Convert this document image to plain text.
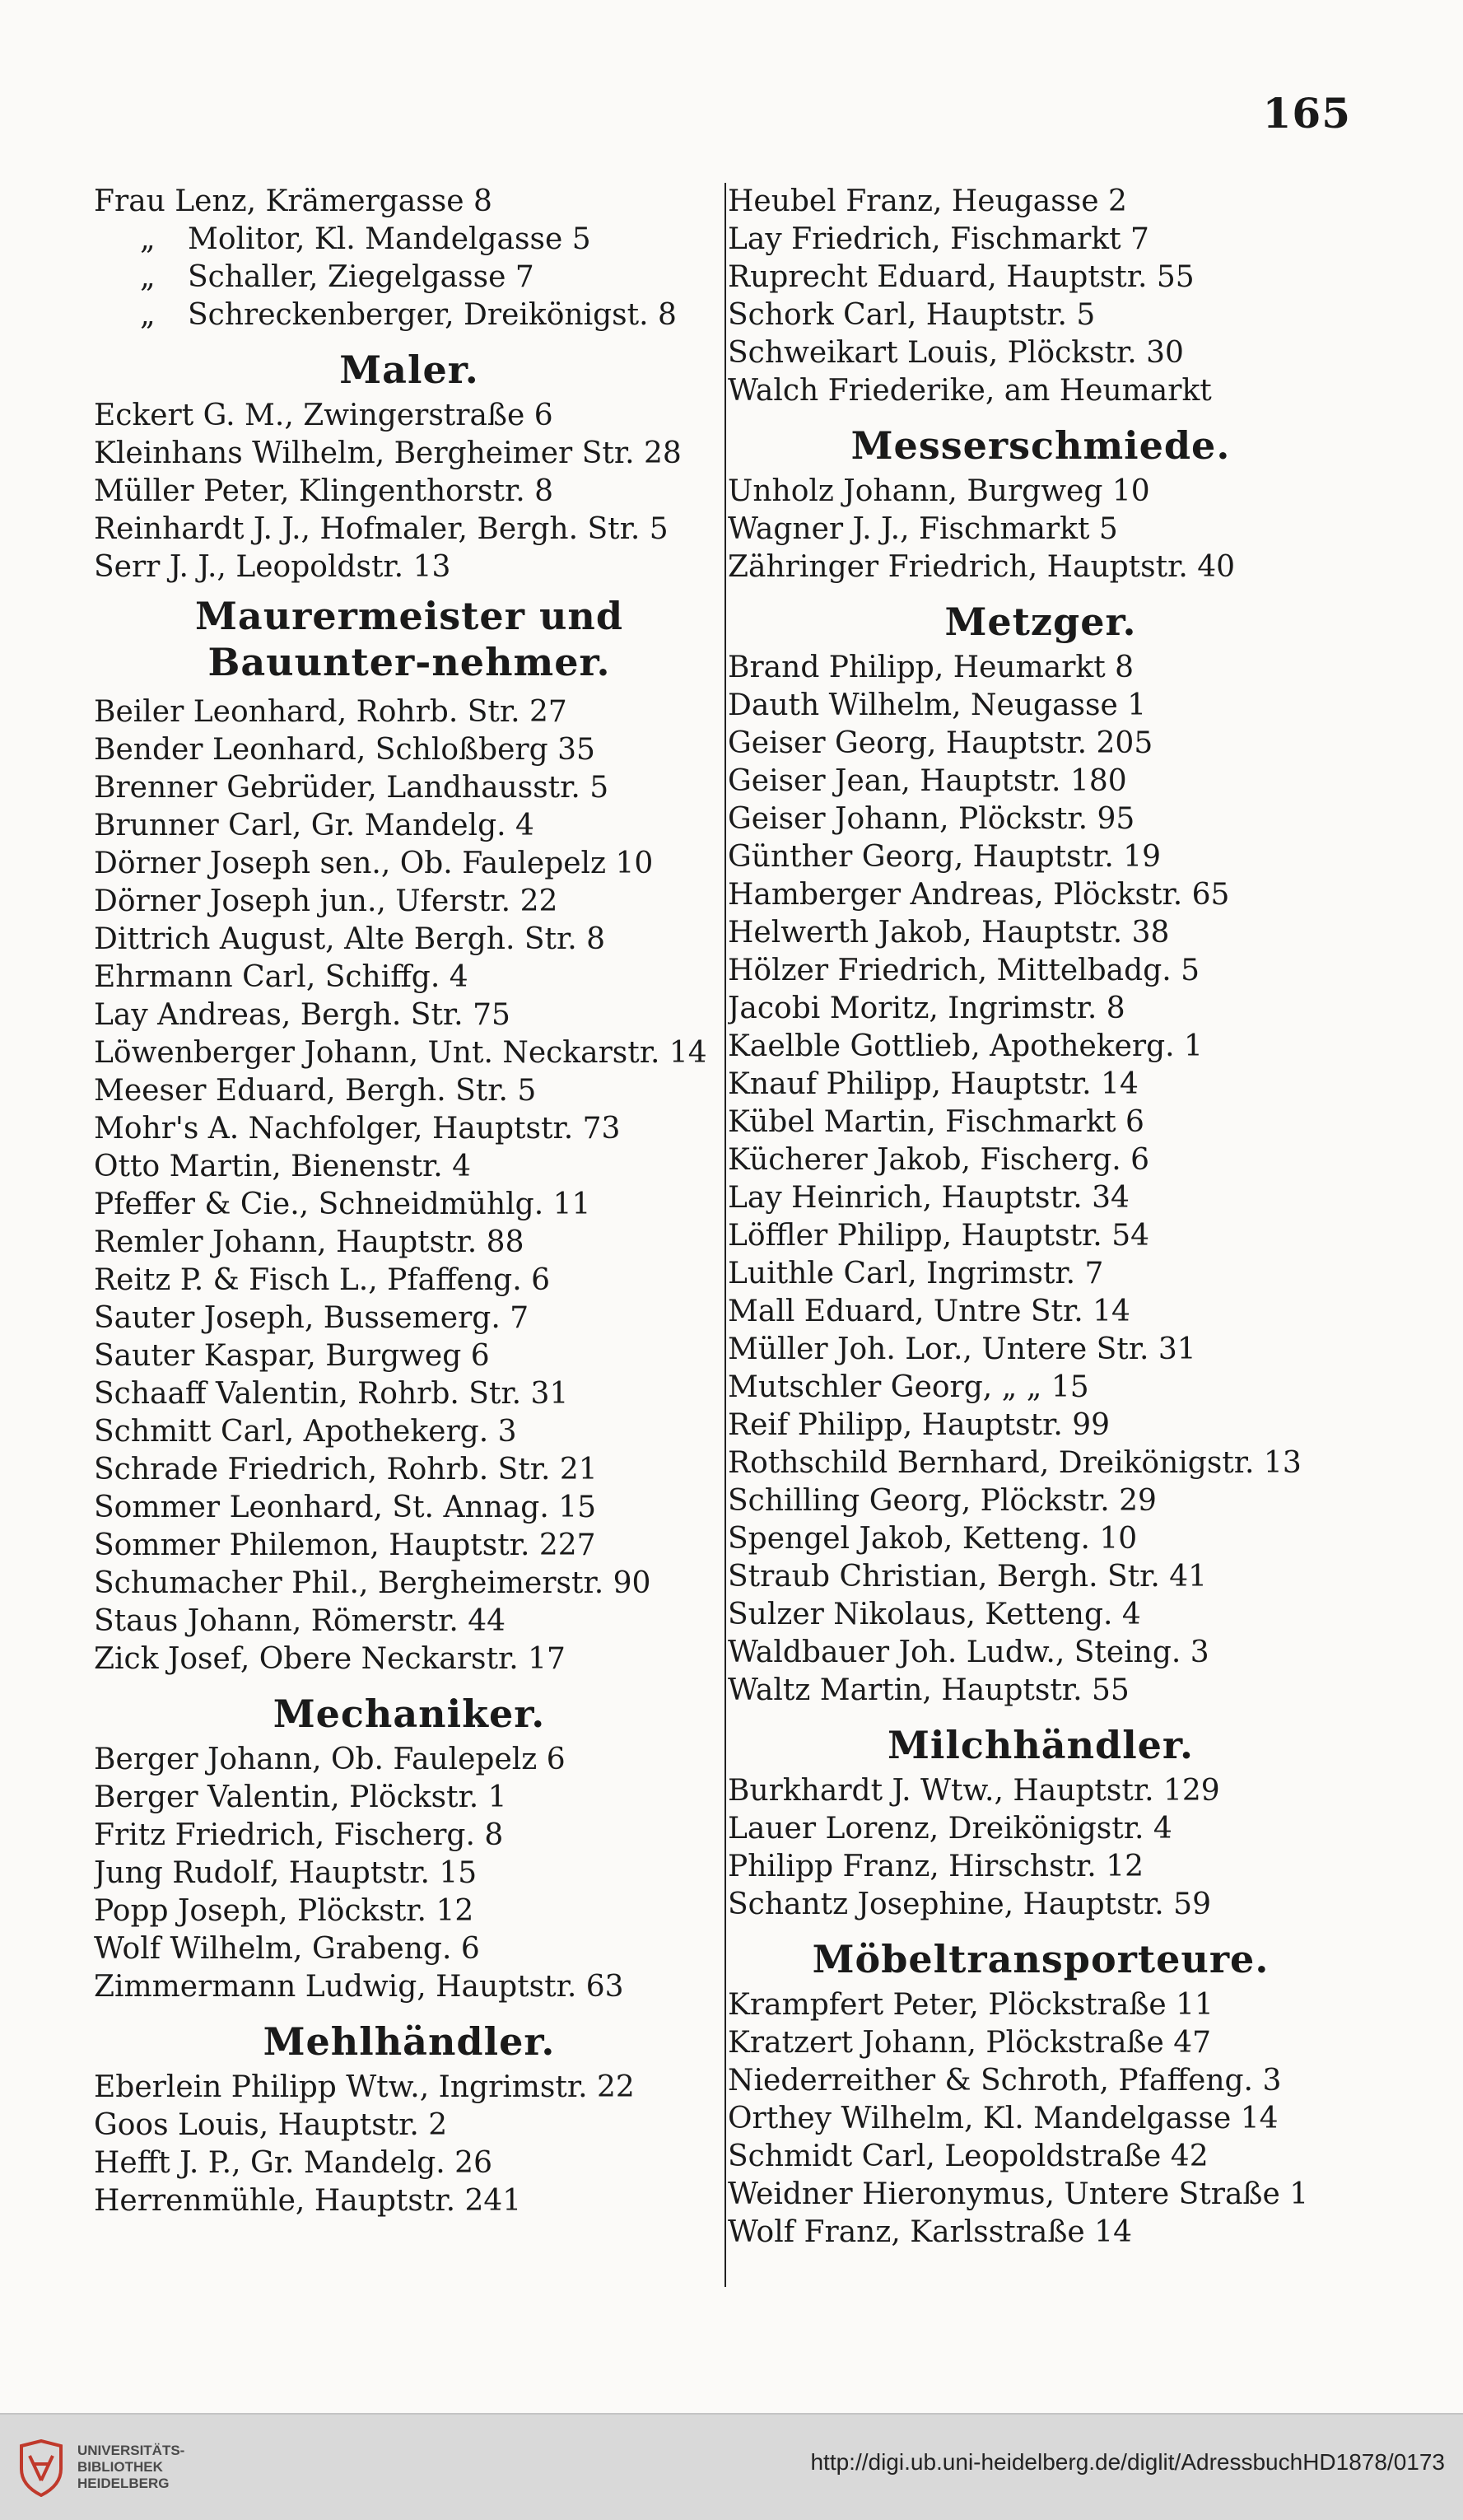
165
Frau Lenz, Krämergasse 8
„ Molitor, Kl. Mandelgasse 5
„ Schaller, Ziegelgasse 7
„ Schreckenberger, Dreikönigst. 8
Maler.
Eckert G. M., Zwingerstraße 6
Kleinhans Wilhelm, Bergheimer Str. 28
Müller Peter, Klingenthorstr. 8
Reinhardt J. J., Hofmaler, Bergh. Str. 5
Serr J. J., Leopoldstr. 13
Maurermeister und Bauunter-nehmer.
Beiler Leonhard, Rohrb. Str. 27
Bender Leonhard, Schloßberg 35
Brenner Gebrüder, Landhausstr. 5
Brunner Carl, Gr. Mandelg. 4
Dörner Joseph sen., Ob. Faulepelz 10
Dörner Joseph jun., Uferstr. 22
Dittrich August, Alte Bergh. Str. 8
Ehrmann Carl, Schiffg. 4
Lay Andreas, Bergh. Str. 75
Löwenberger Johann, Unt. Neckarstr. 14
Meeser Eduard, Bergh. Str. 5
Mohr's A. Nachfolger, Hauptstr. 73
Otto Martin, Bienenstr. 4
Pfeffer & Cie., Schneidmühlg. 11
Remler Johann, Hauptstr. 88
Reitz P. & Fisch L., Pfaffeng. 6
Sauter Joseph, Bussemerg. 7
Sauter Kaspar, Burgweg 6
Schaaff Valentin, Rohrb. Str. 31
Schmitt Carl, Apothekerg. 3
Schrade Friedrich, Rohrb. Str. 21
Sommer Leonhard, St. Annag. 15
Sommer Philemon, Hauptstr. 227
Schumacher Phil., Bergheimerstr. 90
Staus Johann, Römerstr. 44
Zick Josef, Obere Neckarstr. 17
Mechaniker.
Berger Johann, Ob. Faulepelz 6
Berger Valentin, Plöckstr. 1
Fritz Friedrich, Fischerg. 8
Jung Rudolf, Hauptstr. 15
Popp Joseph, Plöckstr. 12
Wolf Wilhelm, Grabeng. 6
Zimmermann Ludwig, Hauptstr. 63
Mehlhändler.
Eberlein Philipp Wtw., Ingrimstr. 22
Goos Louis, Hauptstr. 2
Hefft J. P., Gr. Mandelg. 26
Herrenmühle, Hauptstr. 241
Heubel Franz, Heugasse 2
Lay Friedrich, Fischmarkt 7
Ruprecht Eduard, Hauptstr. 55
Schork Carl, Hauptstr. 5
Schweikart Louis, Plöckstr. 30
Walch Friederike, am Heumarkt
Messerschmiede.
Unholz Johann, Burgweg 10
Wagner J. J., Fischmarkt 5
Zähringer Friedrich, Hauptstr. 40
Metzger.
Brand Philipp, Heumarkt 8
Dauth Wilhelm, Neugasse 1
Geiser Georg, Hauptstr. 205
Geiser Jean, Hauptstr. 180
Geiser Johann, Plöckstr. 95
Günther Georg, Hauptstr. 19
Hamberger Andreas, Plöckstr. 65
Helwerth Jakob, Hauptstr. 38
Hölzer Friedrich, Mittelbadg. 5
Jacobi Moritz, Ingrimstr. 8
Kaelble Gottlieb, Apothekerg. 1
Knauf Philipp, Hauptstr. 14
Kübel Martin, Fischmarkt 6
Kücherer Jakob, Fischerg. 6
Lay Heinrich, Hauptstr. 34
Löffler Philipp, Hauptstr. 54
Luithle Carl, Ingrimstr. 7
Mall Eduard, Untre Str. 14
Müller Joh. Lor., Untere Str. 31
Mutschler Georg, „ „ 15
Reif Philipp, Hauptstr. 99
Rothschild Bernhard, Dreikönigstr. 13
Schilling Georg, Plöckstr. 29
Spengel Jakob, Ketteng. 10
Straub Christian, Bergh. Str. 41
Sulzer Nikolaus, Ketteng. 4
Waldbauer Joh. Ludw., Steing. 3
Waltz Martin, Hauptstr. 55
Milchhändler.
Burkhardt J. Wtw., Hauptstr. 129
Lauer Lorenz, Dreikönigstr. 4
Philipp Franz, Hirschstr. 12
Schantz Josephine, Hauptstr. 59
Möbeltransporteure.
Krampfert Peter, Plöckstraße 11
Kratzert Johann, Plöckstraße 47
Niederreither & Schroth, Pfaffeng. 3
Orthey Wilhelm, Kl. Mandelgasse 14
Schmidt Carl, Leopoldstraße 42
Weidner Hieronymus, Untere Straße 1
Wolf Franz, Karlsstraße 14
UNIVERSITÄTS-
BIBLIOTHEK
HEIDELBERG
http://digi.ub.uni-heidelberg.de/diglit/AdressbuchHD1878/0173
